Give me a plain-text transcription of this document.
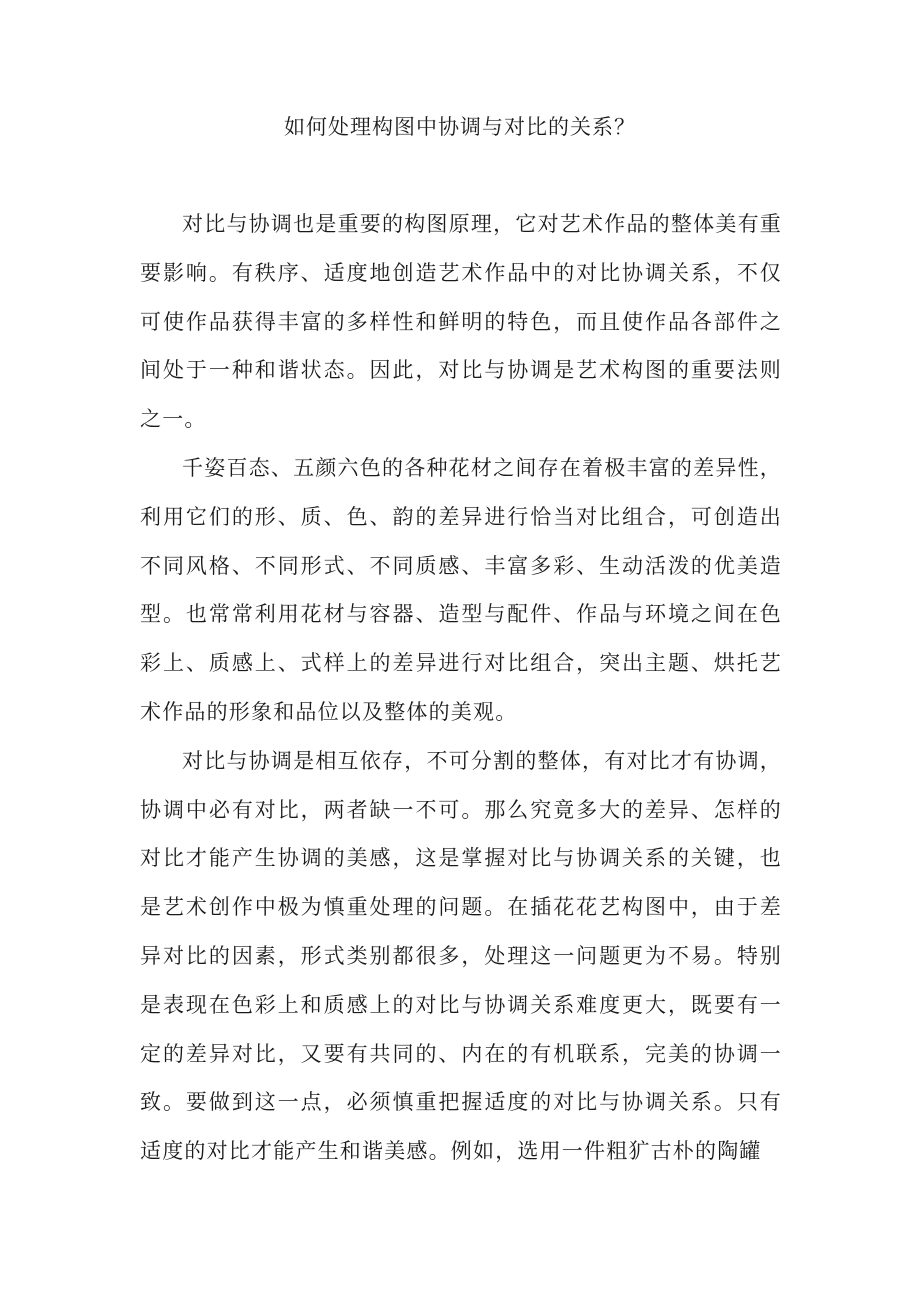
如何处理构图中协调与对比的关系？

对比与协调也是重要的构图原理，它对艺术作品的整体美有重要影响。有秩序、适度地创造艺术作品中的对比协调关系，不仅可使作品获得丰富的多样性和鲜明的特色，而且使作品各部件之间处于一种和谐状态。因此，对比与协调是艺术构图的重要法则之一。

千姿百态、五颜六色的各种花材之间存在着极丰富的差异性，利用它们的形、质、色、韵的差异进行恰当对比组合，可创造出不同风格、不同形式、不同质感、丰富多彩、生动活泼的优美造型。也常常利用花材与容器、造型与配件、作品与环境之间在色彩上、质感上、式样上的差异进行对比组合，突出主题、烘托艺术作品的形象和品位以及整体的美观。

对比与协调是相互依存，不可分割的整体，有对比才有协调，协调中必有对比，两者缺一不可。那么究竟多大的差异、怎样的对比才能产生协调的美感，这是掌握对比与协调关系的关键，也是艺术创作中极为慎重处理的问题。在插花花艺构图中，由于差异对比的因素，形式类别都很多，处理这一问题更为不易。特别是表现在色彩上和质感上的对比与协调关系难度更大，既要有一定的差异对比，又要有共同的、内在的有机联系，完美的协调一致。要做到这一点，必须慎重把握适度的对比与协调关系。只有适度的对比才能产生和谐美感。例如，选用一件粗犷古朴的陶罐
